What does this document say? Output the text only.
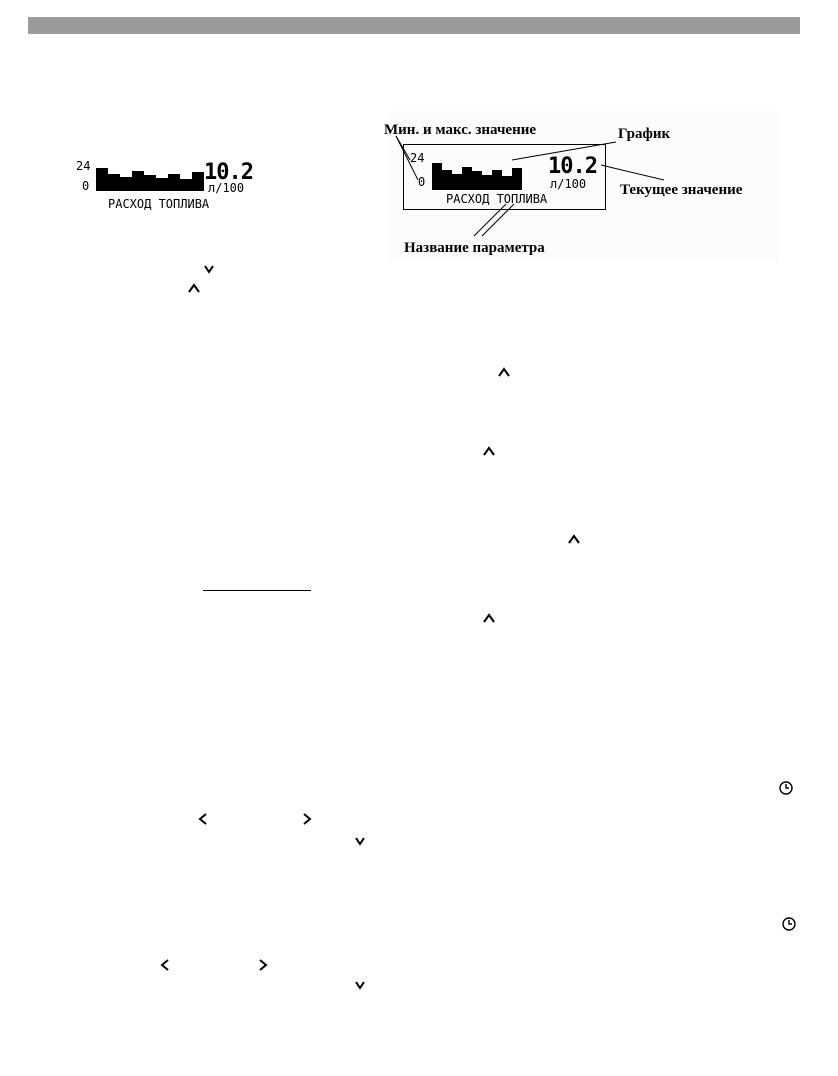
24
0
10.2
л/100
РАСХОД ТОПЛИВА
24
0
10.2
л/100
РАСХОД ТОПЛИВА
Мин. и макс. значение	График
Текущее значение
Название параметра
